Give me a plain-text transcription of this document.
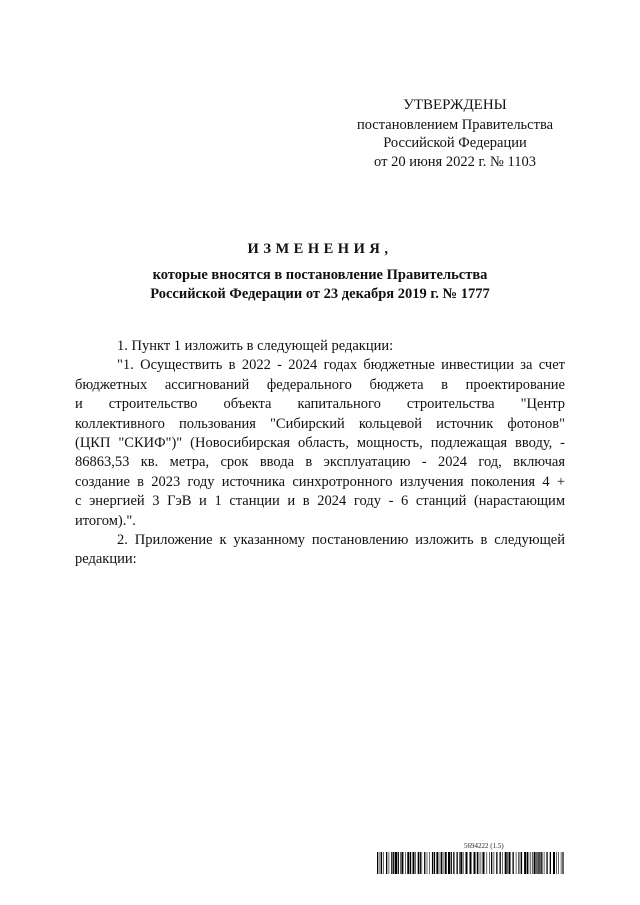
УТВЕРЖДЕНЫ
постановлением Правительства
Российской Федерации
от 20 июня 2022 г. № 1103
ИЗМЕНЕНИЯ,
которые вносятся в постановление Правительства
Российской Федерации от 23 декабря 2019 г. № 1777

1. Пункт 1 изложить в следующей редакции:

"1. Осуществить в 2022 - 2024 годах бюджетные инвестиции за счет
бюджетных ассигнований федерального бюджета в проектирование
и строительство объекта капитального строительства "Центр
коллективного пользования "Сибирский кольцевой источник фотонов"
(ЦКП "СКИФ")" (Новосибирская область, мощность, подлежащая вводу, -
86863,53 кв. метра, срок ввода в эксплуатацию - 2024 год, включая
создание в 2023 году источника синхротронного излучения поколения 4 +
с энергией 3 ГэВ и 1 станции и в 2024 году - 6 станций (нарастающим
итогом).".
2. Приложение к указанному постановлению изложить в следующей
редакции:
5694222 (1.5)
